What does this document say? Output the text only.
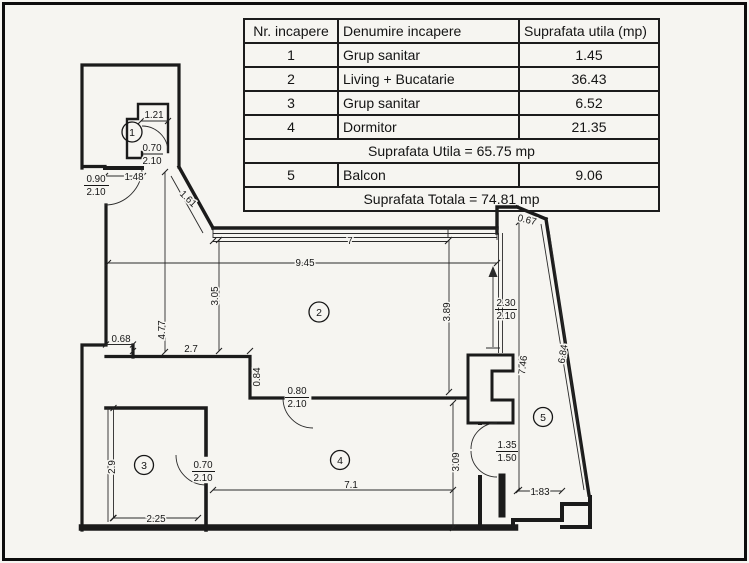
1.21
0.70
2.10
1.48
0.90
2.10	1.61
7
9.45
3.05
4.77
3.89
0.68
2.7
0.84
0.80
2.10
2.9
2.25
0.70
2.10
7.1
3.09
2.30
2.10
7.46
6.84
0.67
1.35
1.50
1.83
1
2
3	4
5
Nr. incapere	Denumire incapere	Suprafata utila (mp)
1	Grup sanitar	1.45
2	Living + Bucatarie	36.43
3	Grup sanitar	6.52
4	Dormitor	21.35
Suprafata Utila = 65.75 mp		
5	Balcon	9.06
Suprafata Totala = 74.81 mp		
